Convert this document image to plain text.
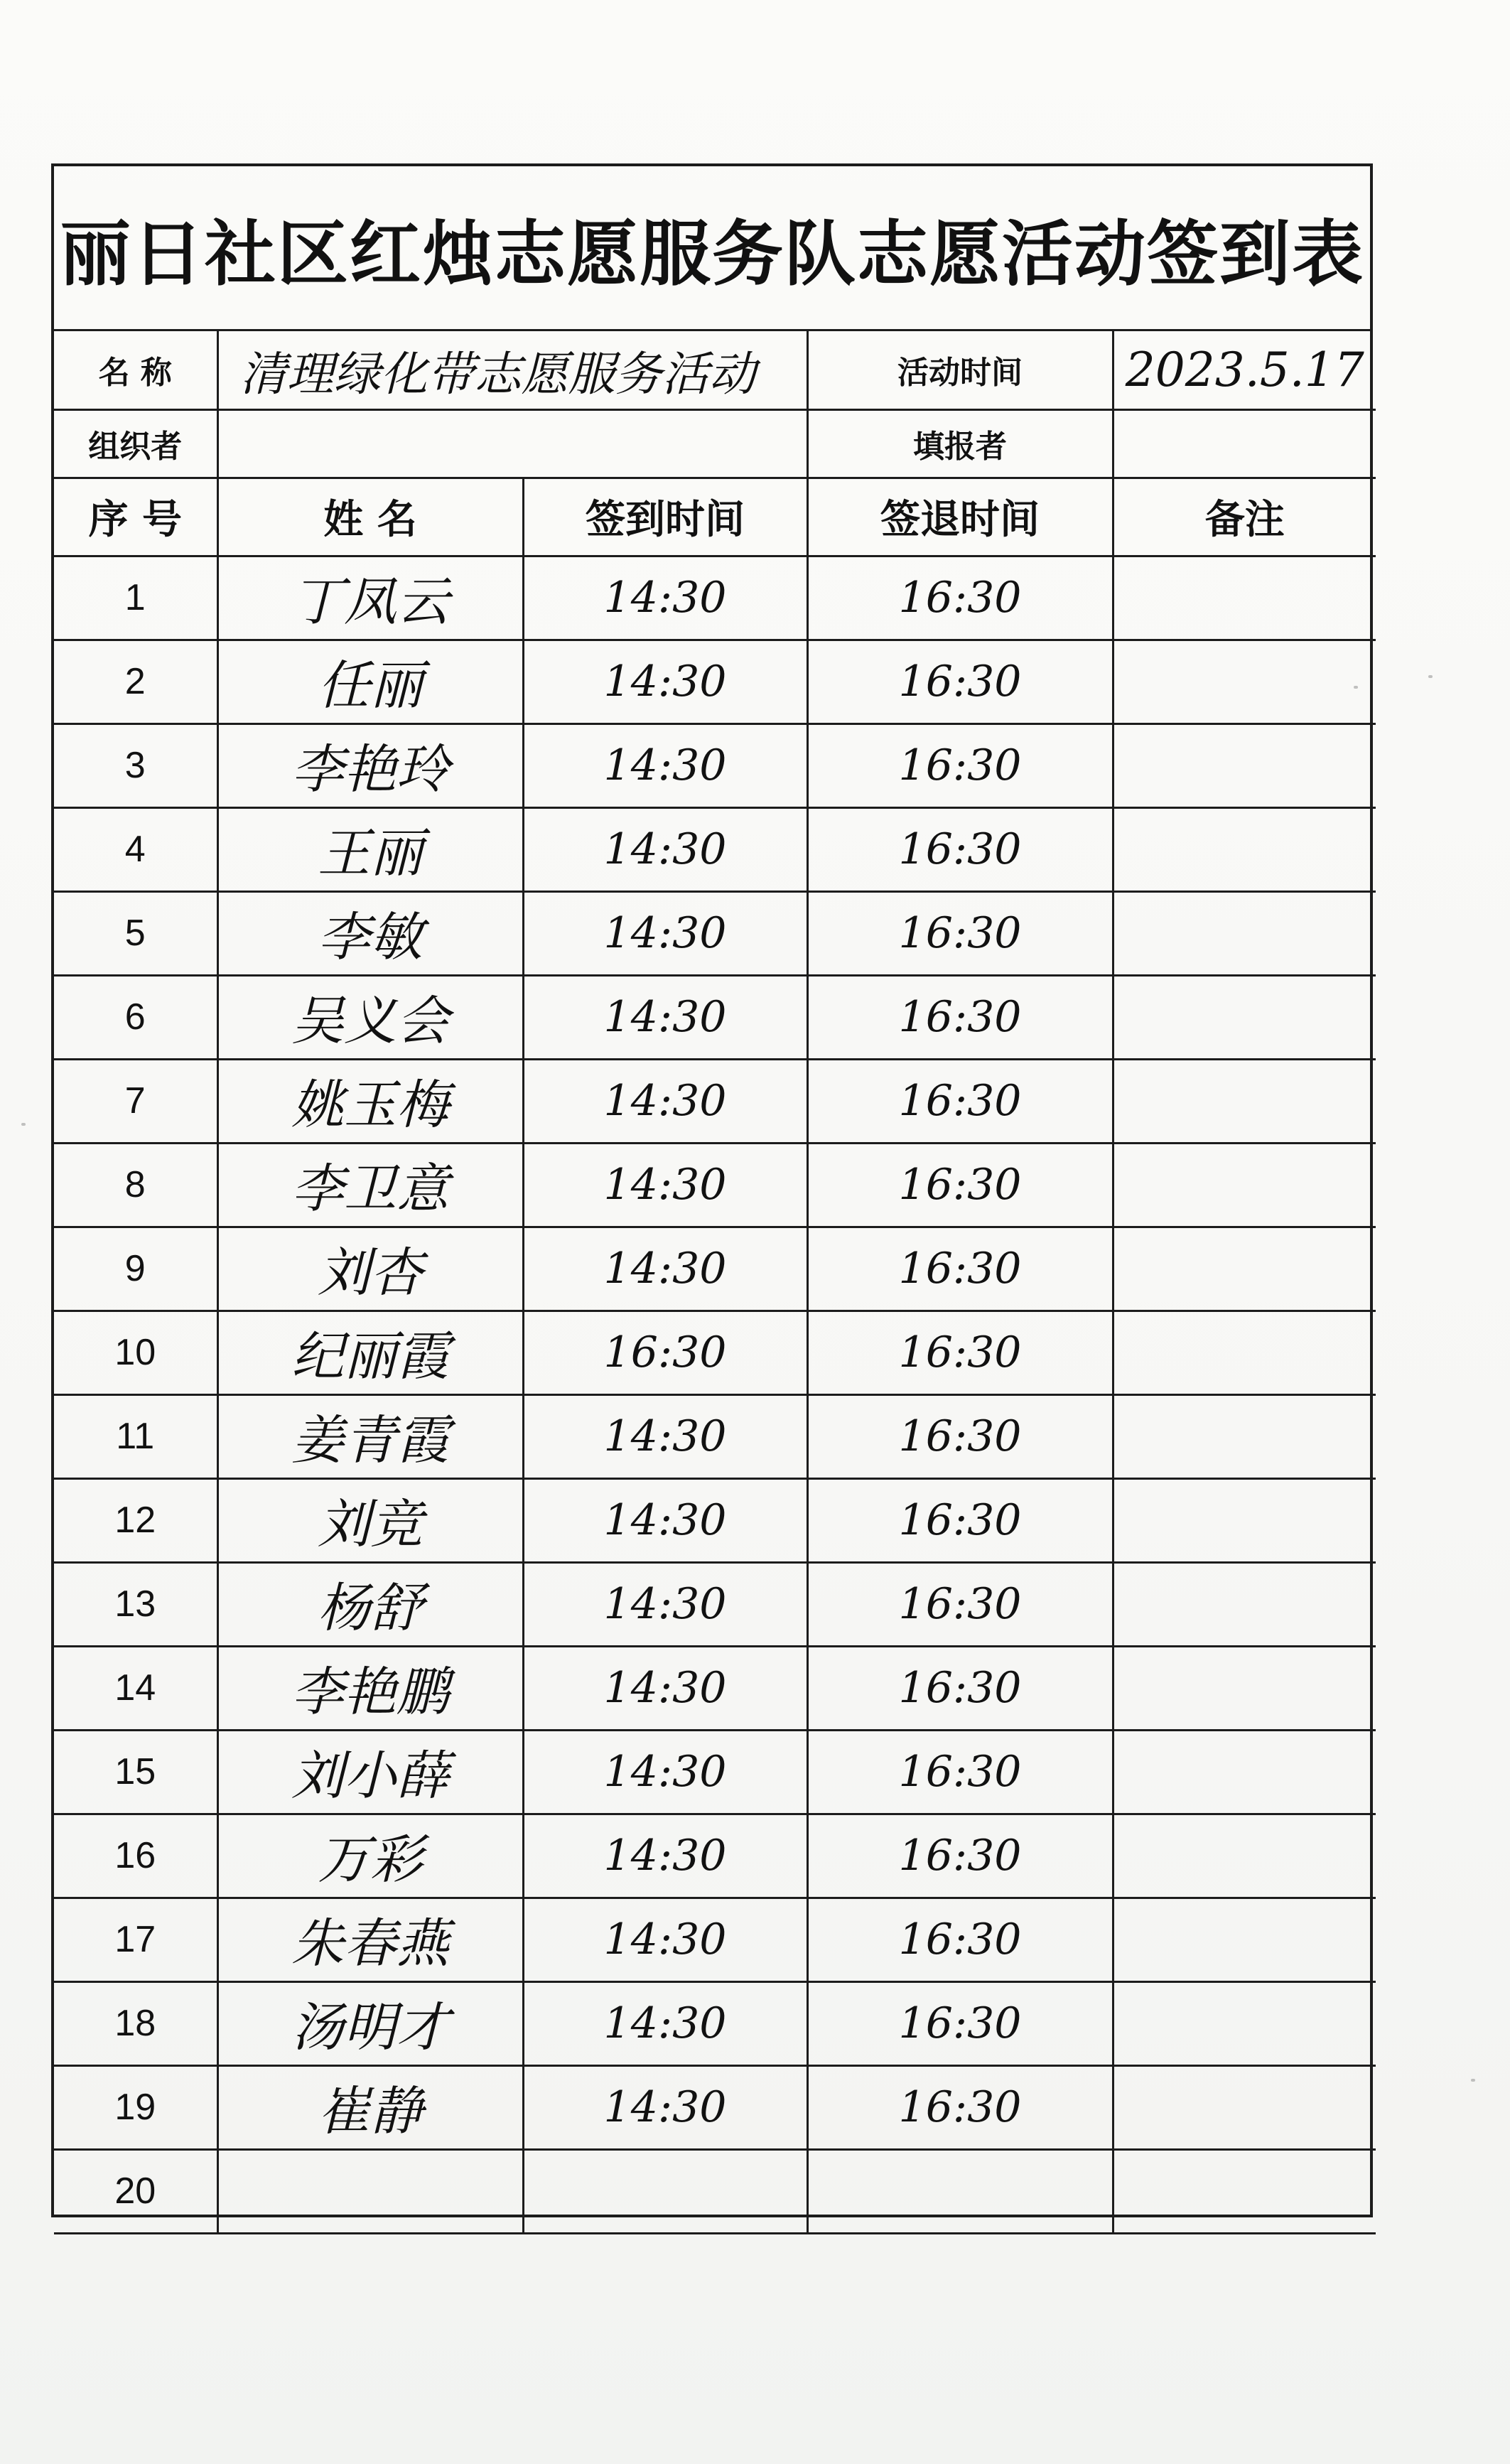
丽日社区红烛志愿服务队志愿活动签到表
名 称	清理绿化带志愿服务活动		活动时间	2023.5.17
组织者			填报者	
序 号	姓 名	签到时间	签退时间	备注
1	丁凤云	14:30	16:30	
2	任丽	14:30	16:30	
3	李艳玲	14:30	16:30	
4	王丽	14:30	16:30	
5	李敏	14:30	16:30	
6	吴义会	14:30	16:30	
7	姚玉梅	14:30	16:30	
8	李卫意	14:30	16:30	
9	刘杏	14:30	16:30	
10	纪丽霞	16:30	16:30	
11	姜青霞	14:30	16:30	
12	刘竞	14:30	16:30	
13	杨舒	14:30	16:30	
14	李艳鹏	14:30	16:30	
15	刘小薛	14:30	16:30	
16	万彩	14:30	16:30	
17	朱春燕	14:30	16:30	
18	汤明才	14:30	16:30	
19	崔静	14:30	16:30	
20				
